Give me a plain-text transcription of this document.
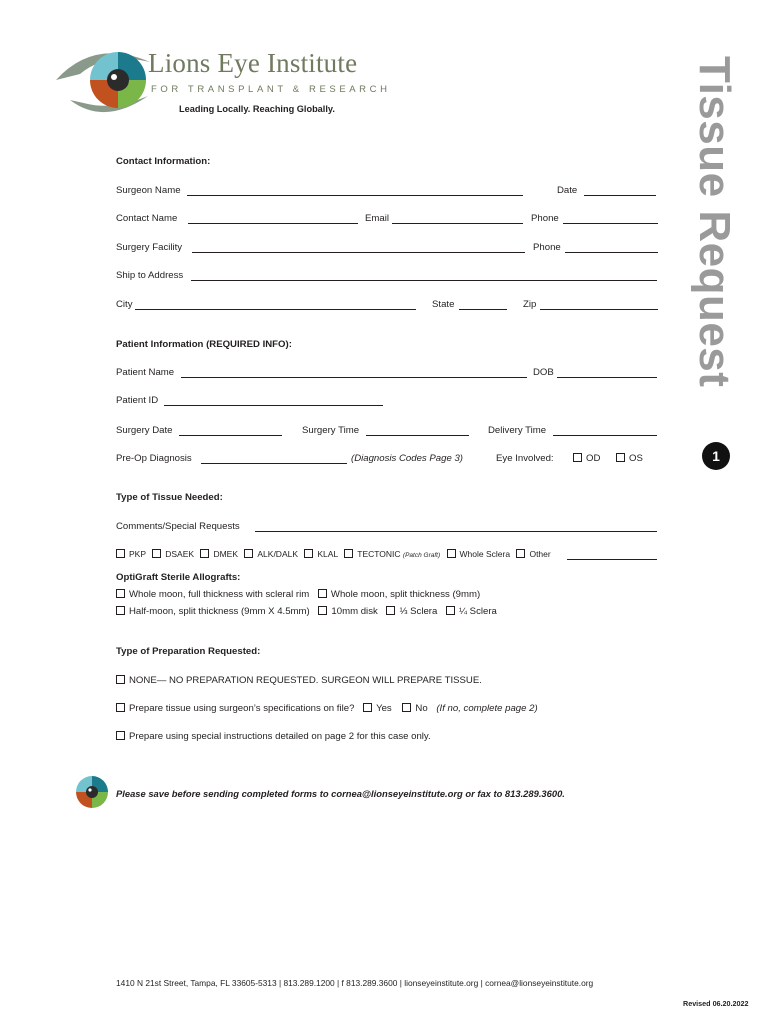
Lions Eye Institute
FOR TRANSPLANT & RESEARCH
Leading Locally. Reaching Globally.	Tissue Request
1
Contact Information:
Surgeon Name	Date
Contact Name	Email	Phone
Surgery Facility	Phone
Ship to Address
City	State	Zip
Patient Information (REQUIRED INFO):
Patient Name	DOB
Patient ID
Surgery Date	Surgery Time	Delivery Time
Pre-Op Diagnosis	(Diagnosis Codes Page 3)	Eye Involved:	OD	OS
Type of Tissue Needed:
Comments/Special Requests
PKP DSAEK DMEK ALK/DALK KLAL TECTONIC (Patch Graft) Whole Sclera Other
OptiGraft Sterile Allografts:
Whole moon, full thickness with scleral rim Whole moon, split thickness (9mm)
Half-moon, split thickness (9mm X 4.5mm) 10mm disk ⅓ Sclera ¼ Sclera
Type of Preparation Requested:
NONE— NO PREPARATION REQUESTED. SURGEON WILL PREPARE TISSUE.
Prepare tissue using surgeon’s specifications on file? Yes No (If no, complete page 2)
Prepare using special instructions detailed on page 2 for this case only.
Please save before sending completed forms to cornea@lionseyeinstitute.org or fax to 813.289.3600.
1410 N 21st Street, Tampa, FL 33605-5313 | 813.289.1200 | f 813.289.3600 | lionseyeinstitute.org | cornea@lionseyeinstitute.org
Revised 06.20.2022
